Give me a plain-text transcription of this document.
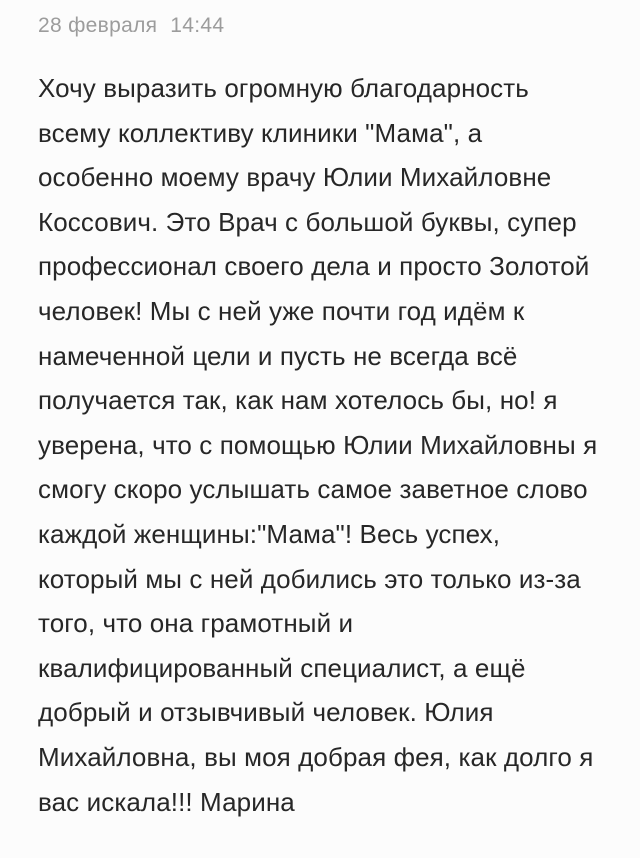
28 февраля 14:44
Хочу выразить огромную благодарность
всему коллективу клиники "Мама", а
особенно моему врачу Юлии Михайловне
Коссович. Это Врач с большой буквы, супер
профессионал своего дела и просто Золотой
человек! Мы с ней уже почти год идём к
намеченной цели и пусть не всегда всё
получается так, как нам хотелось бы, но! я
уверена, что с помощью Юлии Михайловны я
смогу скоро услышать самое заветное слово
каждой женщины:"Мама"! Весь успех,
который мы с ней добились это только из-за
того, что она грамотный и
квалифицированный специалист, а ещё
добрый и отзывчивый человек. Юлия
Михайловна, вы моя добрая фея, как долго я
вас искала!!! Марина
